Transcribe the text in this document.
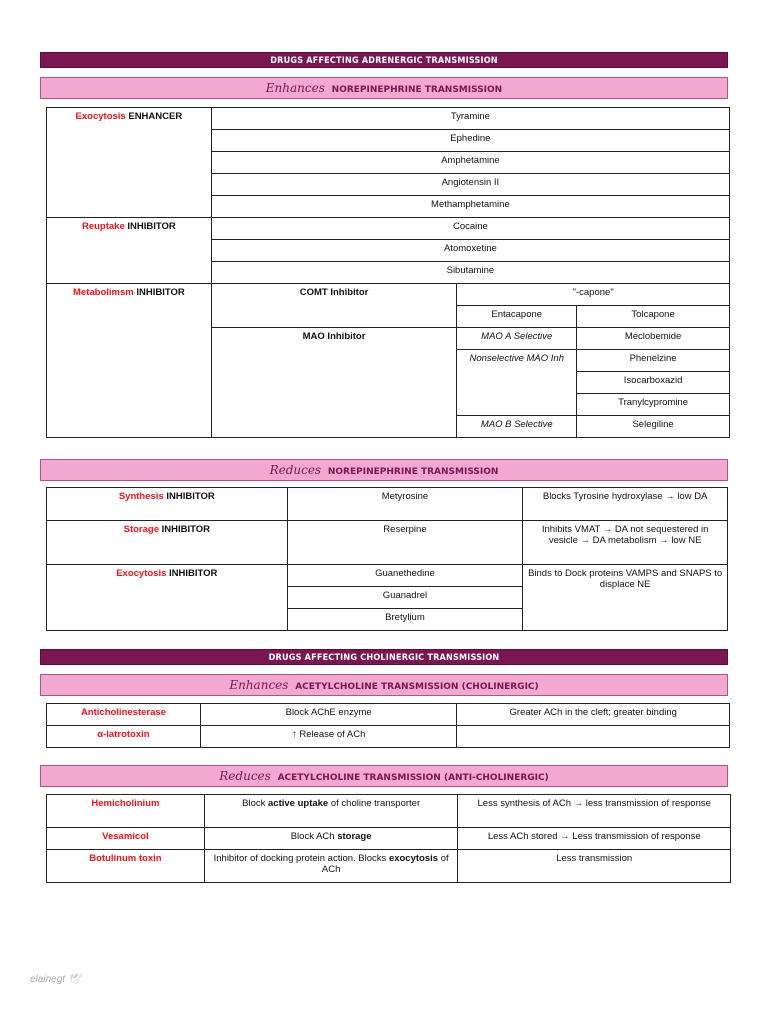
DRUGS AFFECTING ADRENERGIC TRANSMISSION
Enhances NOREPINEPHRINE TRANSMISSION
Exocytosis ENHANCER	Tyramine		
	Ephedine		
	Amphetamine		
	Angiotensin II		
	Methamphetamine		
Reuptake INHIBITOR	Cocaine		
	Atomoxetine		
	Sibutamine		
Metabolimsm INHIBITOR	COMT Inhibitor	"-capone"	
		Entacapone	Tolcapone
	MAO Inhibitor	MAO A Selective	Meclobemide
		Nonselective MAO Inh	Phenelzine
			Isocarboxazid
			Tranylcypromine
		MAO B Selective	Selegiline
Reduces NOREPINEPHRINE TRANSMISSION
Synthesis INHIBITOR	Metyrosine	Blocks Tyrosine hydroxylase → low DA
Storage INHIBITOR	Reserpine	Inhibits VMAT → DA not sequestered in vesicle → DA metabolism → low NE
Exocytosis INHIBITOR	Guanethedine	Binds to Dock proteins VAMPS and SNAPS to displace NE
	Guanadrel	
	Bretylium	
DRUGS AFFECTING CHOLINERGIC TRANSMISSION
Enhances ACETYLCHOLINE TRANSMISSION (CHOLINERGIC)
Anticholinesterase	Block AChE enzyme	Greater ACh in the cleft; greater binding
α-latrotoxin	↑ Release of ACh	
Reduces ACETYLCHOLINE TRANSMISSION (ANTI-CHOLINERGIC)
Hemicholinium	Block active uptake of choline transporter	Less synthesis of ACh → less transmission of response
Vesamicol	Block ACh storage	Less ACh stored → Less transmission of response
Botulinum toxin	Inhibitor of docking protein action. Blocks exocytosis of ACh	Less transmission
elainegt 🕊
